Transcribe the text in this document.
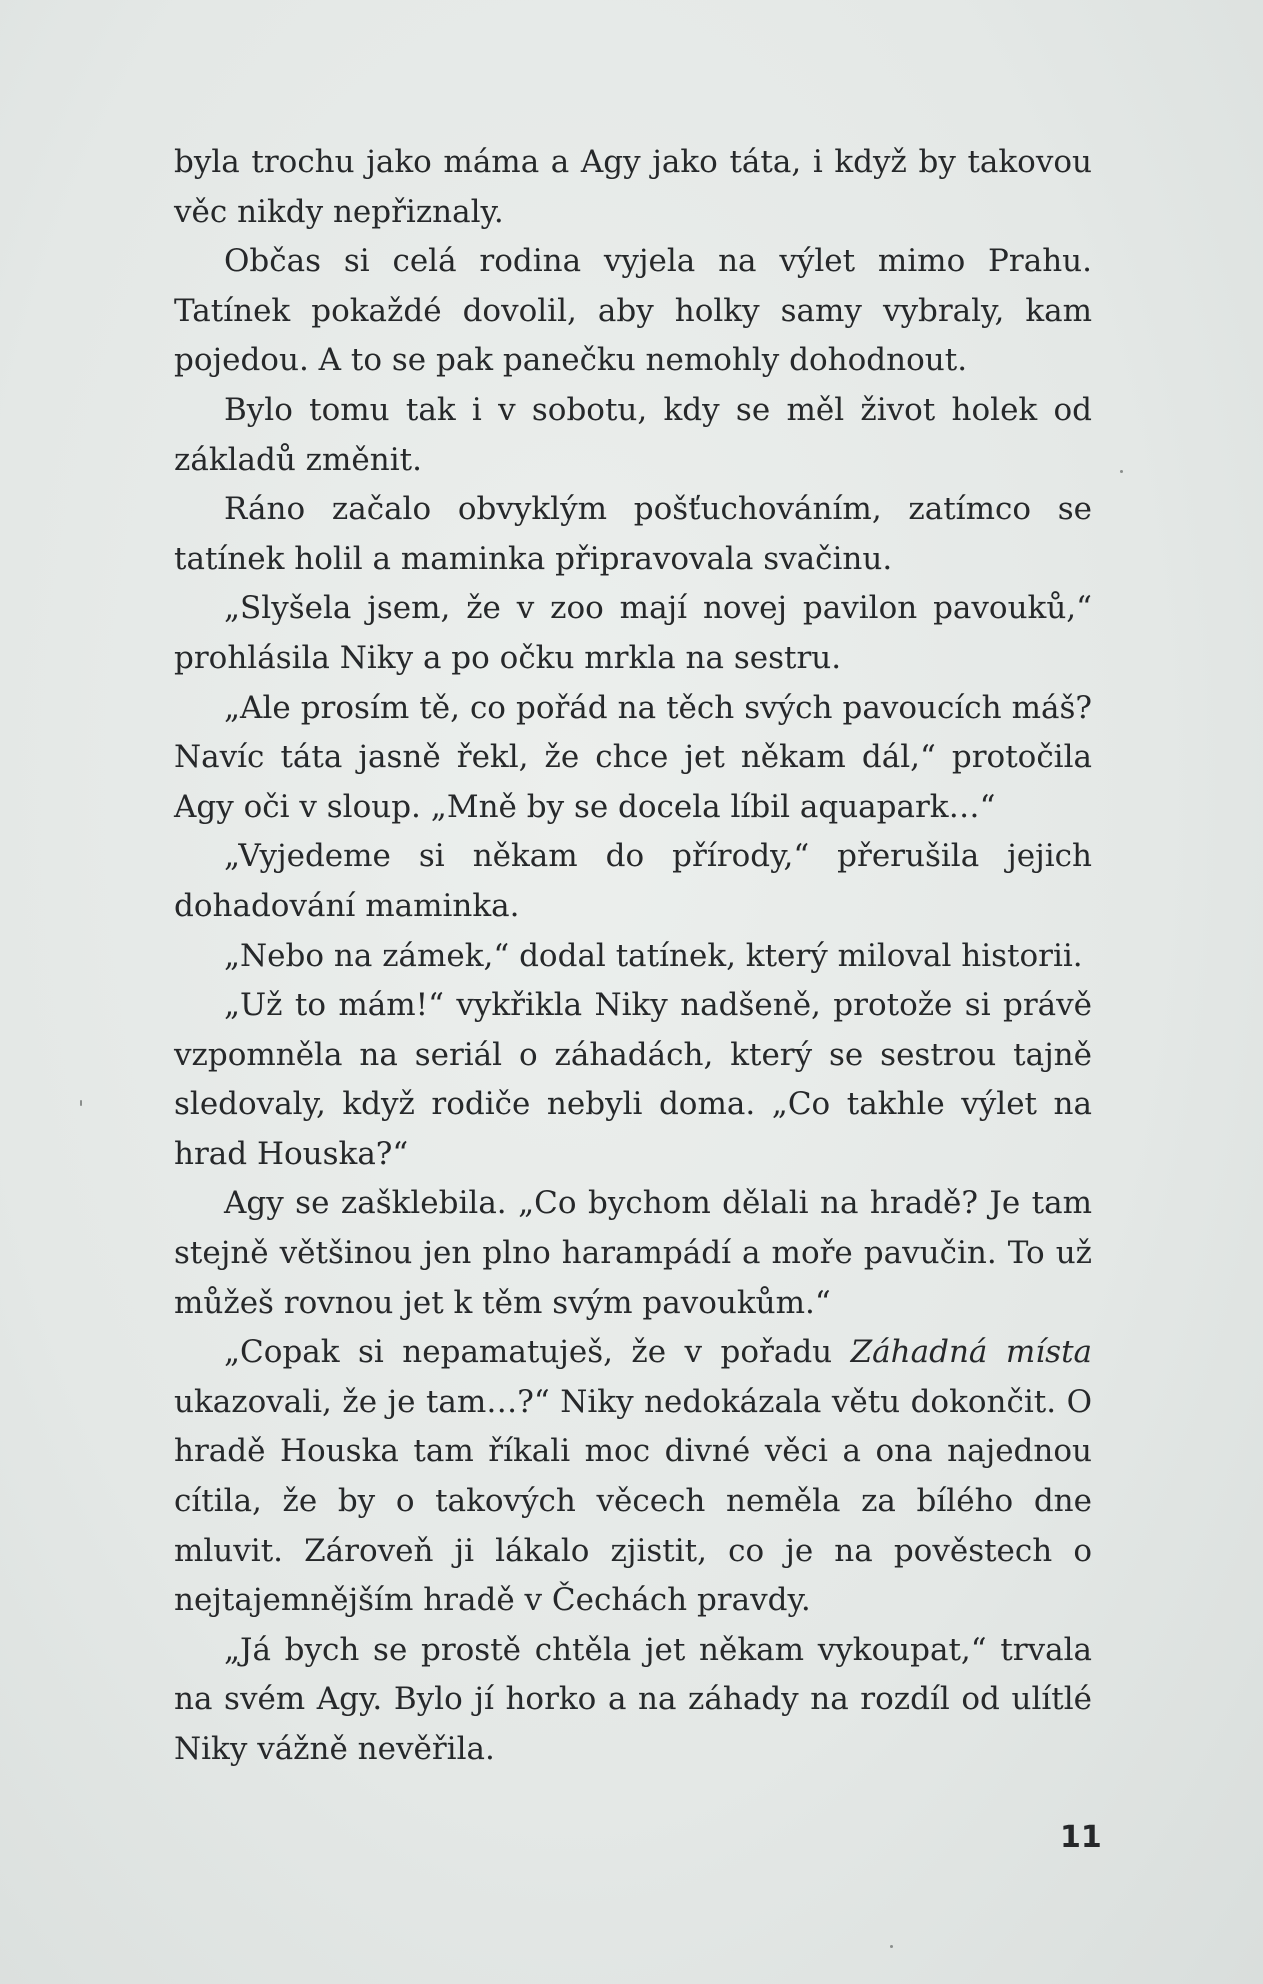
byla trochu jako máma a Agy jako táta, i když by takovou věc nikdy nepřiznaly.

Občas si celá rodina vyjela na výlet mimo Prahu. Tatínek pokaždé dovolil, aby holky samy vybraly, kam pojedou. A to se pak panečku nemohly dohodnout.

Bylo tomu tak i v sobotu, kdy se měl život holek od základů změnit.

Ráno začalo obvyklým pošťuchováním, zatímco se tatínek holil a maminka připravovala svačinu.

„Slyšela jsem, že v zoo mají novej pavilon pavouků,“ prohlásila Niky a po očku mrkla na sestru.

„Ale prosím tě, co pořád na těch svých pavoucích máš? Navíc táta jasně řekl, že chce jet někam dál,“ protočila Agy oči v sloup. „Mně by se docela líbil aquapark…“

„Vyjedeme si někam do přírody,“ přerušila jejich dohadování maminka.

„Nebo na zámek,“ dodal tatínek, který miloval historii.

„Už to mám!“ vykřikla Niky nadšeně, protože si právě vzpomněla na seriál o záhadách, který se sestrou tajně sledovaly, když rodiče nebyli doma. „Co takhle výlet na hrad Houska?“

Agy se zašklebila. „Co bychom dělali na hradě? Je tam stejně většinou jen plno harampádí a moře pavučin. To už můžeš rovnou jet k těm svým pavoukům.“

„Copak si nepamatuješ, že v pořadu Záhadná místa ukazovali, že je tam…?“ Niky nedokázala větu dokončit. O hradě Houska tam říkali moc divné věci a ona najednou cítila, že by o takových věcech neměla za bílého dne mluvit. Zároveň ji lákalo zjistit, co je na pověstech o nejtajemnějším hradě v Čechách pravdy.

„Já bych se prostě chtěla jet někam vykoupat,“ trvala na svém Agy. Bylo jí horko a na záhady na rozdíl od ulítlé Niky vážně nevěřila.

11
